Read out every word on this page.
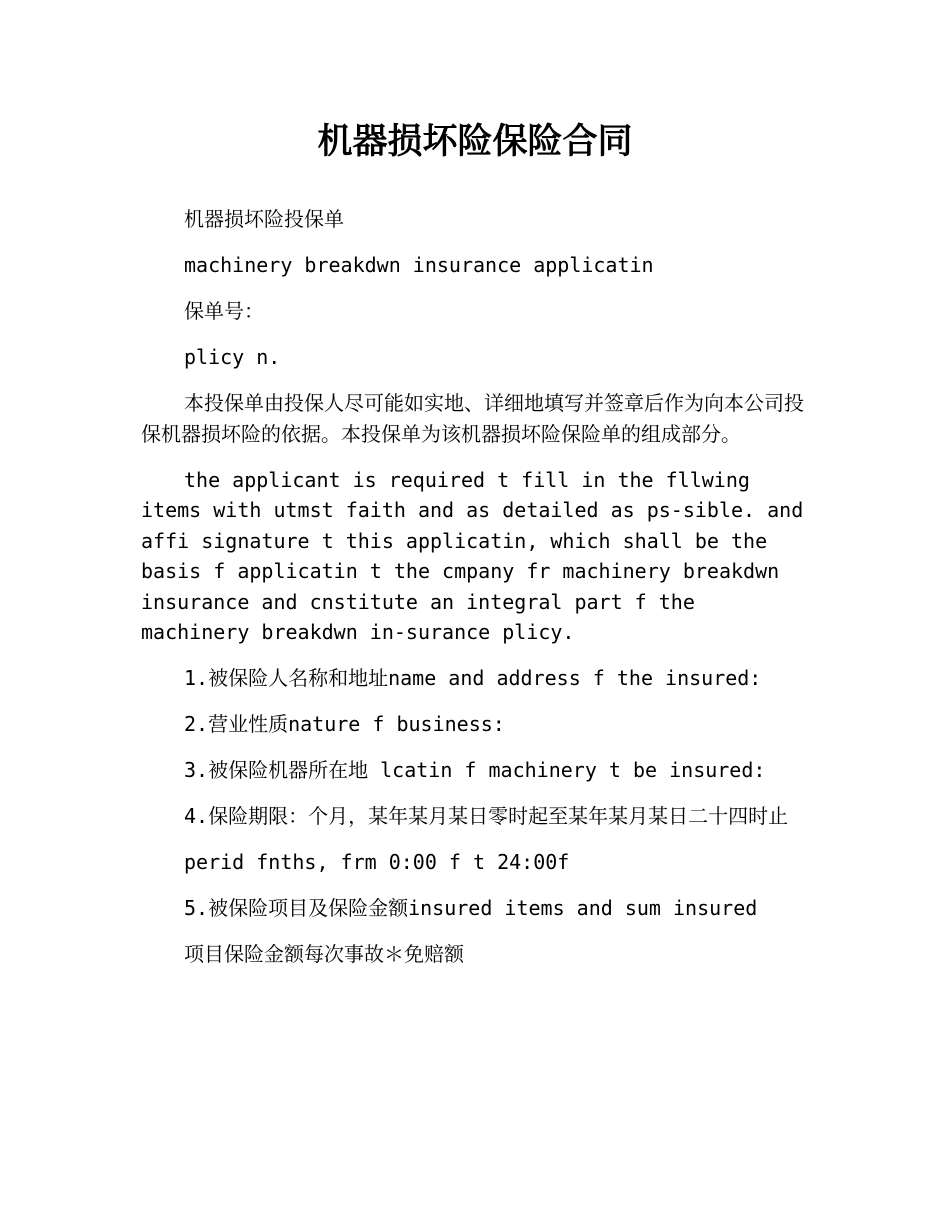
机器损坏险保险合同

机器损坏险投保单

machinery breakdwn insurance applicatin

保单号：

plicy n.

本投保单由投保人尽可能如实地、详细地填写并签章后作为向本公司投保机器损坏险的依据。本投保单为该机器损坏险保险单的组成部分。

the applicant is required t fill in the fllwing items with utmst faith and as detailed as ps-sible. and affi signature t this applicatin, which shall be the basis f applicatin t the cmpany fr machinery breakdwn insurance and cnstitute an integral part f the machinery breakdwn in-surance plicy.

1.被保险人名称和地址name and address f the insured:

2.营业性质nature f business:

3.被保险机器所在地 lcatin f machinery t be insured:

4.保险期限：个月，某年某月某日零时起至某年某月某日二十四时止

perid fnths, frm 0:00 f t 24:00f

5.被保险项目及保险金额insured items and sum insured

项目保险金额每次事故＊免赔额
